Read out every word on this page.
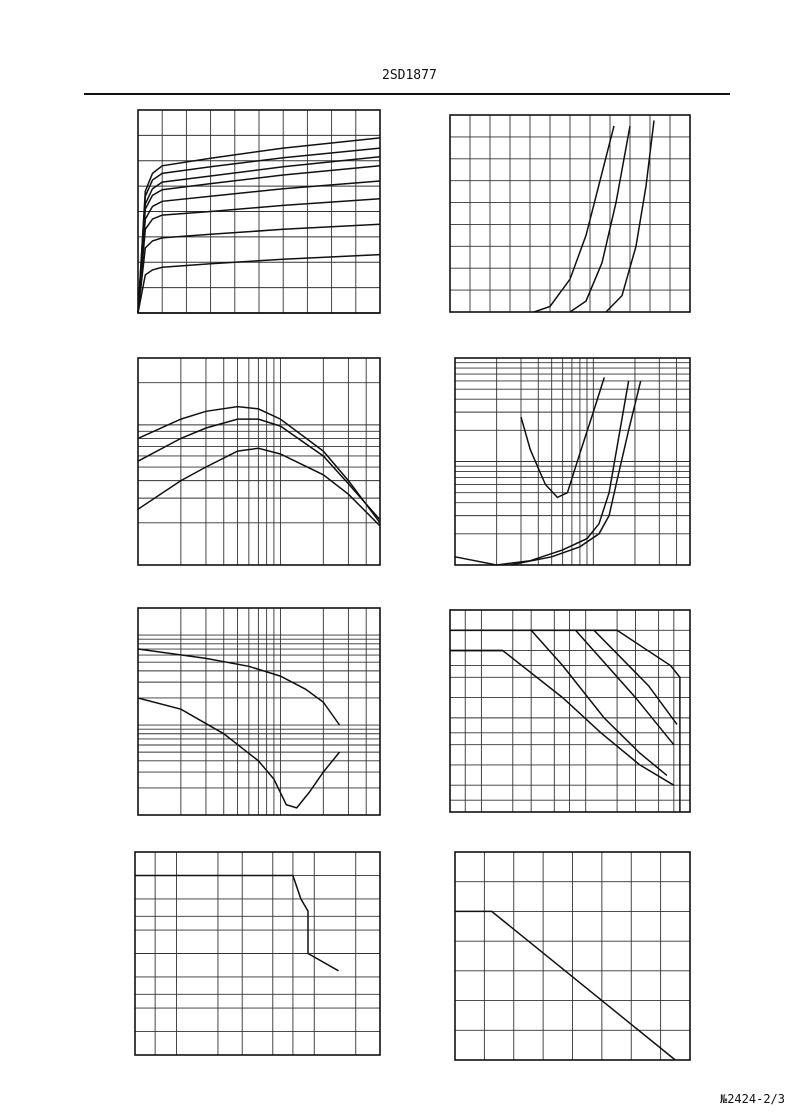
2SD1877
№2424-2/3
